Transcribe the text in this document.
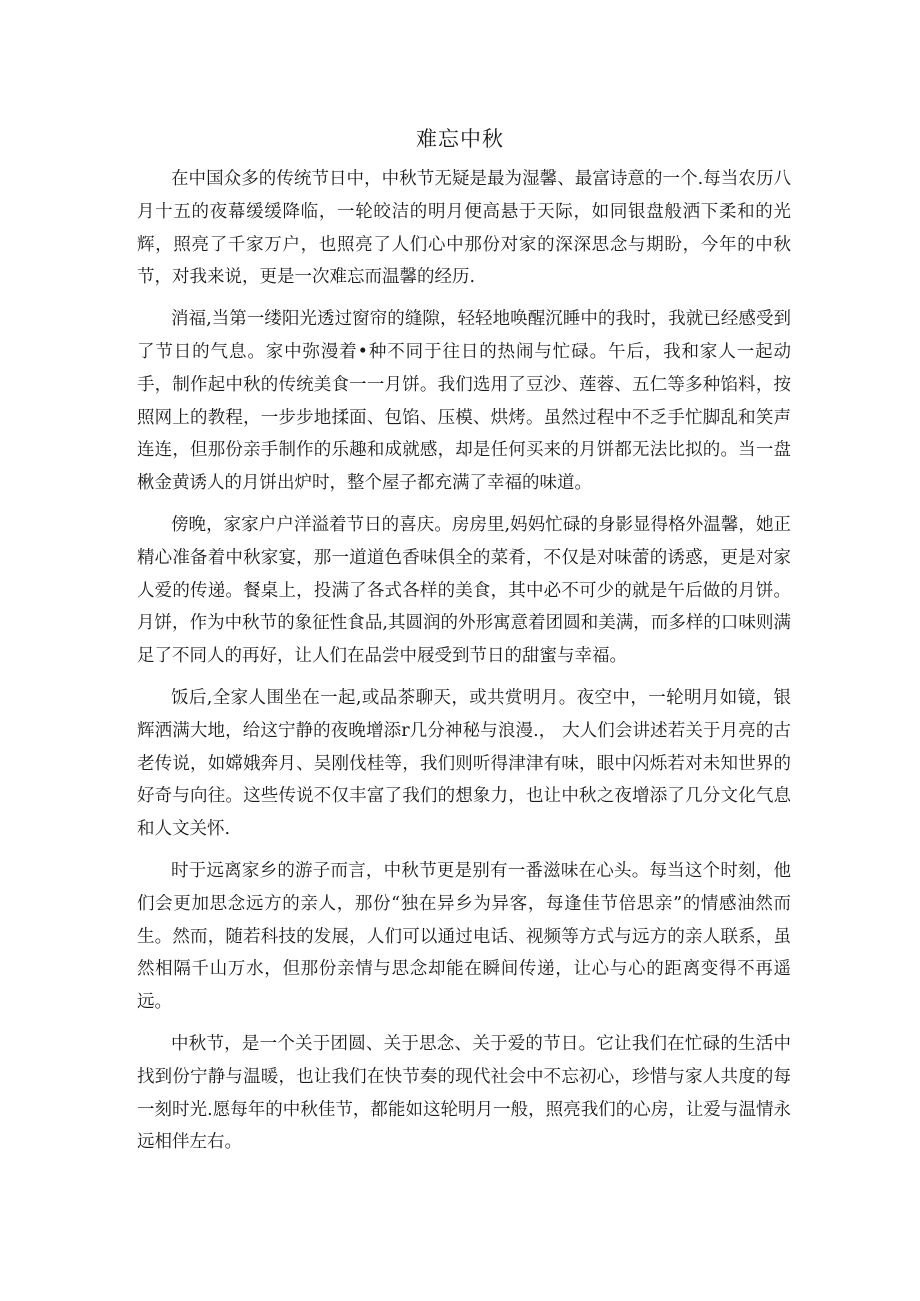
难忘中秋

在中国众多的传统节日中，中秋节无疑是最为湿馨、最富诗意的一个.每当农历八月十五的夜幕缓缓降临，一轮皎洁的明月便高悬于天际，如同银盘般洒下柔和的光辉，照亮了千家万户，也照亮了人们心中那份对家的深深思念与期盼，今年的中秋节，对我来说，更是一次难忘而温馨的经历.

消福,当第一缕阳光透过窗帘的缝隙，轻轻地唤醒沉睡中的我时，我就已经感受到了节日的气息。家中弥漫着•种不同于往日的热闹与忙碌。午后，我和家人一起动手，制作起中秋的传统美食一一月饼。我们选用了豆沙、莲蓉、五仁等多种馅料，按照网上的教程，一步步地揉面、包馅、压模、烘烤。虽然过程中不乏手忙脚乱和笑声连连，但那份亲手制作的乐趣和成就感，却是任何买来的月饼都无法比拟的。当一盘楸金黄诱人的月饼出炉时，整个屋子都充满了幸福的味道。

傍晚，家家户户洋溢着节日的喜庆。房房里,妈妈忙碌的身影显得格外温馨，她正精心准备着中秋家宴，那一道道色香味俱全的菜肴，不仅是对味蕾的诱惑，更是对家人爱的传递。餐桌上，投满了各式各样的美食，其中必不可少的就是午后做的月饼。月饼，作为中秋节的象征性食品,其圆润的外形寓意着团圆和美满，而多样的口味则满足了不同人的再好，让人们在品尝中屐受到节日的甜蜜与幸福。

饭后,全家人围坐在一起,或品茶聊天，或共赏明月。夜空中，一轮明月如镜，银辉洒满大地，给这宁静的夜晚增添r几分神秘与浪漫.， 大人们会讲述若关于月亮的古老传说，如嫦娥奔月、吴刚伐桂等，我们则听得津津有味，眼中闪烁若对未知世界的好奇与向往。这些传说不仅丰富了我们的想象力，也让中秋之夜增添了几分文化气息和人文关怀.

时于远离家乡的游子而言，中秋节更是别有一番滋味在心头。每当这个时刻，他们会更加思念远方的亲人，那份“独在异乡为异客，每逢佳节倍思亲”的情感油然而生。然而，随若科技的发展，人们可以通过电话、视频等方式与远方的亲人联系，虽然相隔千山万水，但那份亲情与思念却能在瞬间传递，让心与心的距离变得不再遥远。

中秋节，是一个关于团圆、关于思念、关于爱的节日。它让我们在忙碌的生活中找到份宁静与温暖，也让我们在快节奏的现代社会中不忘初心，珍惜与家人共度的每一刻时光.愿每年的中秋佳节，都能如这轮明月一般，照亮我们的心房，让爱与温情永远相伴左右。
